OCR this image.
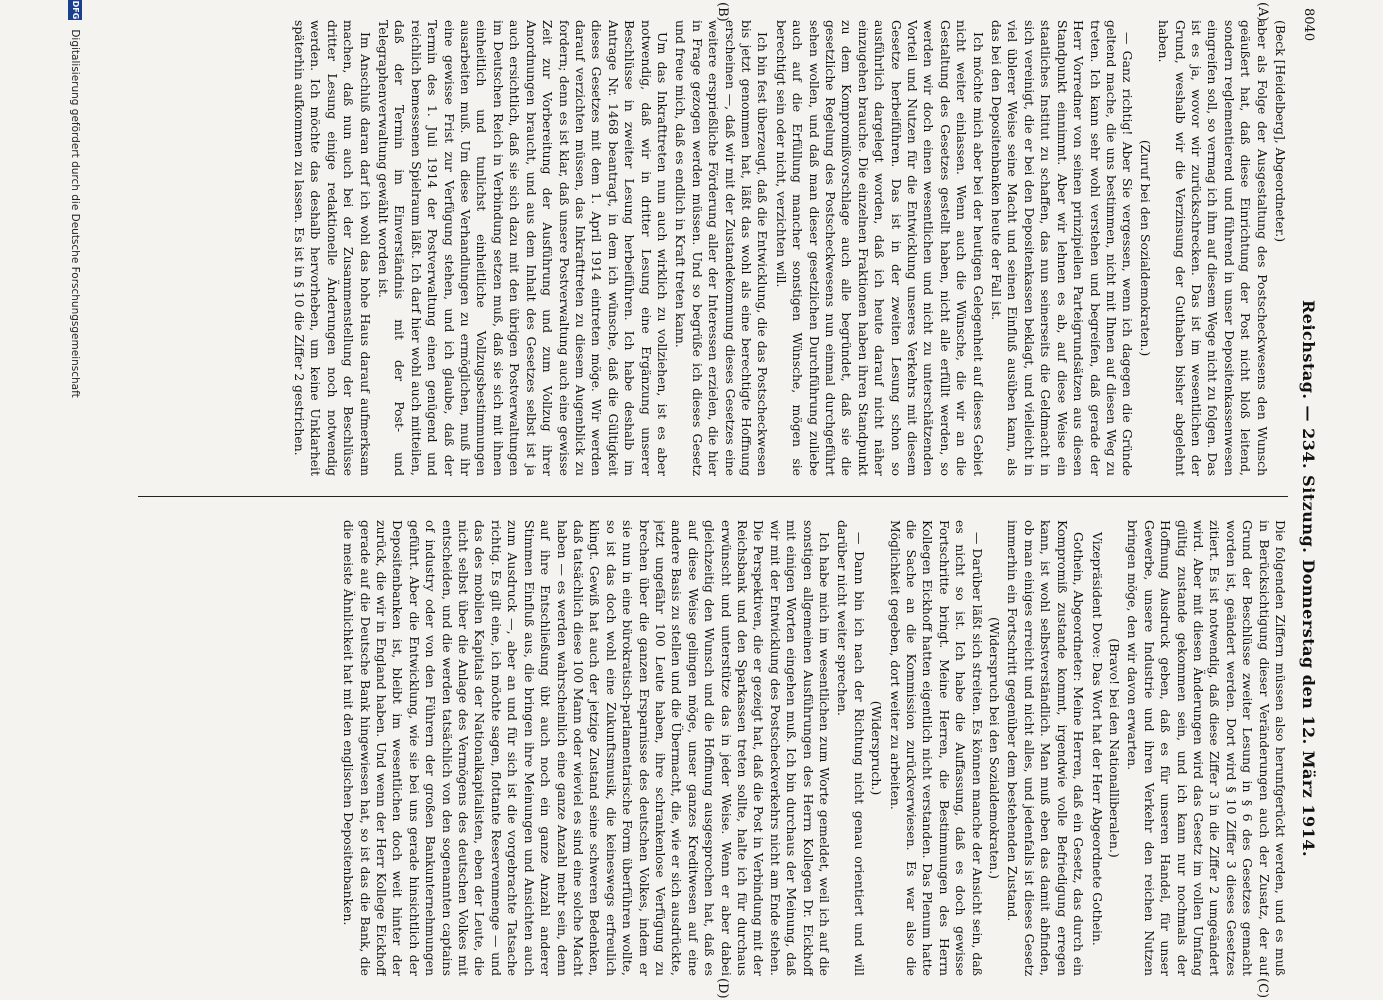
8040
Reichstag. — 234. Sitzung. Donnerstag den 12. März 1914.
(A)
(B)
(C)
(D)
(Beck [Heidelberg], Abgeordneter.)
aber als Folge der Ausgestaltung des Postscheckwesens den Wunsch geäußert hat, daß diese Einrichtung der Post nicht bloß leitend, sondern reglementierend und führend in unser Depositenkassenwesen eingreifen soll, so vermag ich ihm auf diesem Wege nicht zu folgen. Das ist es ja, wovor wir zurückschrecken. Das ist im wesentlichen der Grund, weshalb wir die Verzinsung der Guthaben bisher abgelehnt haben.
(Zuruf bei den Sozialdemokraten.)
— Ganz richtig! Aber Sie vergessen, wenn ich dagegen die Gründe geltend mache, die uns bestimmen, nicht mit Ihnen auf diesen Weg zu treten. Ich kann sehr wohl verstehen und begreifen, daß gerade der Herr Vorredner von seinen prinzipiellen Parteigrundsätzen aus diesen Standpunkt einnimmt. Aber wir lehnen es ab, auf diese Weise ein staatliches Institut zu schaffen, das nun seinerseits die Geldmacht in sich vereinigt, die er bei den Depositenkassen beklagt, und vielleicht in viel üblerer Weise seine Macht und seinen Einfluß ausüben kann, als das bei den Depositenbanken heute der Fall ist.
Ich möchte mich aber bei der heutigen Gelegenheit auf dieses Gebiet nicht weiter einlassen. Wenn auch die Wünsche, die wir an die Gestaltung des Gesetzes gestellt haben, nicht alle erfüllt werden, so werden wir doch einen wesentlichen und nicht zu unterschätzenden Vorteil und Nutzen für die Entwicklung unseres Verkehrs mit diesem Gesetze herbeiführen. Das ist in der zweiten Lesung schon so ausführlich dargelegt worden, daß ich heute darauf nicht näher einzugehen brauche. Die einzelnen Fraktionen haben ihren Standpunkt zu dem Kompromißvorschlage auch alle begründet, daß sie die gesetzliche Regelung des Postscheckwesens nun einmal durchgeführt sehen wollen, und daß man dieser gesetzlichen Durchführung zuliebe auch auf die Erfüllung mancher sonstigen Wünsche, mögen sie berechtigt sein oder nicht, verzichten will.
Ich bin fest überzeugt, daß die Entwicklung, die das Postscheckwesen bis jetzt genommen hat, läßt das wohl als eine berechtigte Hoffnung erscheinen —, daß wir mit der Zustandekommung dieses Gesetzes eine weitere ersprießliche Förderung aller der Interessen erzielen, die hier in Frage gezogen werden müssen. Und so begrüße ich dieses Gesetz und freue mich, daß es endlich in Kraft treten kann.
Um das Inkrafttreten nun auch wirklich zu vollziehen, ist es aber notwendig, daß wir in dritter Lesung eine Ergänzung unserer Beschlüsse in zweiter Lesung herbeiführen. Ich habe deshalb im Antrage Nr. 1468 beantragt, in dem ich wünsche, daß die Gültigkeit dieses Gesetzes mit dem 1. April 1914 eintreten möge. Wir werden darauf verzichten müssen, das Inkrafttreten zu diesem Augenblick zu fordern; denn es ist klar, daß unsere Postverwaltung auch eine gewisse Zeit zur Vorbereitung der Ausführung und zum Vollzug ihrer Anordnungen braucht, und aus dem Inhalt des Gesetzes selbst ist ja auch ersichtlich, daß sie sich dazu mit den übrigen Postverwaltungen im Deutschen Reich in Verbindung setzen muß, daß sie sich mit ihnen einheitlich und tunlichst einheitliche Vollzugsbestimmungen ausarbeiten muß. Um diese Verhandlungen zu ermöglichen, muß ihr eine gewisse Frist zur Verfügung stehen, und ich glaube, daß der Termin des 1. Juli 1914 der Postverwaltung einen genügend und reichlich bemessenen Spielraum läßt. Ich darf hier wohl auch mitteilen, daß der Termin im Einverständnis mit der Post- und Telegraphenverwaltung gewählt worden ist.
Im Anschluß daran darf ich wohl das hohe Haus darauf aufmerksam machen, daß nun auch bei der Zusammenstellung der Beschlüsse dritter Lesung einige redaktionelle Änderungen noch notwendig werden. Ich möchte das deshalb hervorheben, um keine Unklarheit späterhin aufkommen zu lassen. Es ist in § 10 die Ziffer 2 gestrichen.
Die folgenden Ziffern müssen also herunfgerückt werden, und es muß in Berücksichtigung dieser Veränderungen auch der Zusatz, der auf Grund der Beschlüsse zweiter Lesung in § 6 des Gesetzes gemacht worden ist, geändert werden. Dort wird § 10 Ziffer 3 dieses Gesetzes zitiert. Es ist notwendig, daß diese Ziffer 3 in die Ziffer 2 umgeändert wird. Aber mit diesen Änderungen wird das Gesetz im vollen Umfang gültig zustande gekommen sein, und ich kann nur nochmals der Hoffnung Ausdruck geben, daß es für unseren Handel, für unser Gewerbe, unsere Industrie und ihren Verkehr den reichen Nutzen bringen möge, den wir davon erwarten.
(Bravo! bei den Nationalliberalen.)
Vizepräsident Dove: Das Wort hat der Herr Abgeordnete Gothein.
Gothein, Abgeordneter: Meine Herren, daß ein Gesetz, das durch ein Kompromiß zustande kommt, irgendwie volle Befriedigung erregen kann, ist wohl selbstverständlich. Man muß eben das damit abfinden, ob man einiges erreicht und nicht alles, und jedenfalls ist dieses Gesetz immerhin ein Fortschritt gegenüber dem bestehenden Zustand.
(Widerspruch bei den Sozialdemokraten.)
— Darüber läßt sich streiten. Es können manche der Ansicht sein, daß es nicht so ist. Ich habe die Auffassung, daß es doch gewisse Fortschritte bringt. Meine Herren, die Bestimmungen des Herrn Kollegen Eickhoff hatten eigentlich nicht verstanden. Das Plenum hatte die Sache an die Kommission zurückverwiesen. Es war also die Möglichkeit gegeben, dort weiter zu arbeiten.
(Widerspruch.)
— Dann bin ich nach der Richtung nicht genau orientiert und will darüber nicht weiter sprechen.
Ich habe mich im wesentlichen zum Worte gemeldet, weil ich auf die sonstigen allgemeinen Ausführungen des Herrn Kollegen Dr. Eickhoff mit einigen Worten eingehen muß. Ich bin durchaus der Meinung, daß wir mit der Entwicklung des Postscheckverkehrs nicht am Ende stehen. Die Perspektiven, die er gezeigt hat, daß die Post in Verbindung mit der Reichsbank und den Sparkassen treten sollte, halte ich für durchaus erwünscht und unterstütze das in jeder Weise. Wenn er aber dabei gleichzeitig den Wunsch und die Hoffnung ausgesprochen hat, daß es auf diese Weise gelingen möge, unser ganzes Kreditwesen auf eine andere Basis zu stellen und die Übermacht, die, wie er sich ausdrückte, jetzt ungefähr 100 Leute haben, ihre schrankenlose Verfügung zu brechen über die ganzen Ersparnisse des deutschen Volkes, indem er sie nun in eine bürokratisch-parlamentarische Form überführen wollte, so ist das doch wohl eine Zukunftsmusik, die keineswegs erfreulich klingt. Gewiß hat auch der jetzige Zustand seine schweren Bedenken, daß tatsächlich diese 100 Mann oder wieviel es sind eine solche Macht haben — es werden wahrscheinlich eine ganze Anzahl mehr sein, denn auf ihre Entschließung übt auch noch ein ganze Anzahl anderer Stimmen Einfluß aus, die bringen ihre Meinungen und Ansichten auch zum Ausdruck —, aber an und für sich ist die vorgebrachte Tatsache richtig. Es gilt eine, ich möchte sagen, flottante Reservenmenge — und das des mobilen Kapitals der Nationalkapitalisten, eben der Leute, die nicht selbst über die Anlage des Vermögens des deutschen Volkes mit entscheiden, und die werden tatsächlich von den sogenannten captains of industry oder von den Führern der großen Bankunternehmungen geführt. Aber die Entwicklung, wie sie bei uns gerade hinsichtlich der Depositenbanken ist, bleibt im wesentlichen doch weit hinter der zurück, die wir in England haben. Und wenn der Herr Kollege Eickhoff gerade auf die Deutsche Bank hingewiesen hat, so ist das die Bank, die die meiste Ähnlichkeit hat mit den englischen Depositenbanken.
DFG Digitalisierung gefördert durch die Deutsche Forschungsgemeinschaft
